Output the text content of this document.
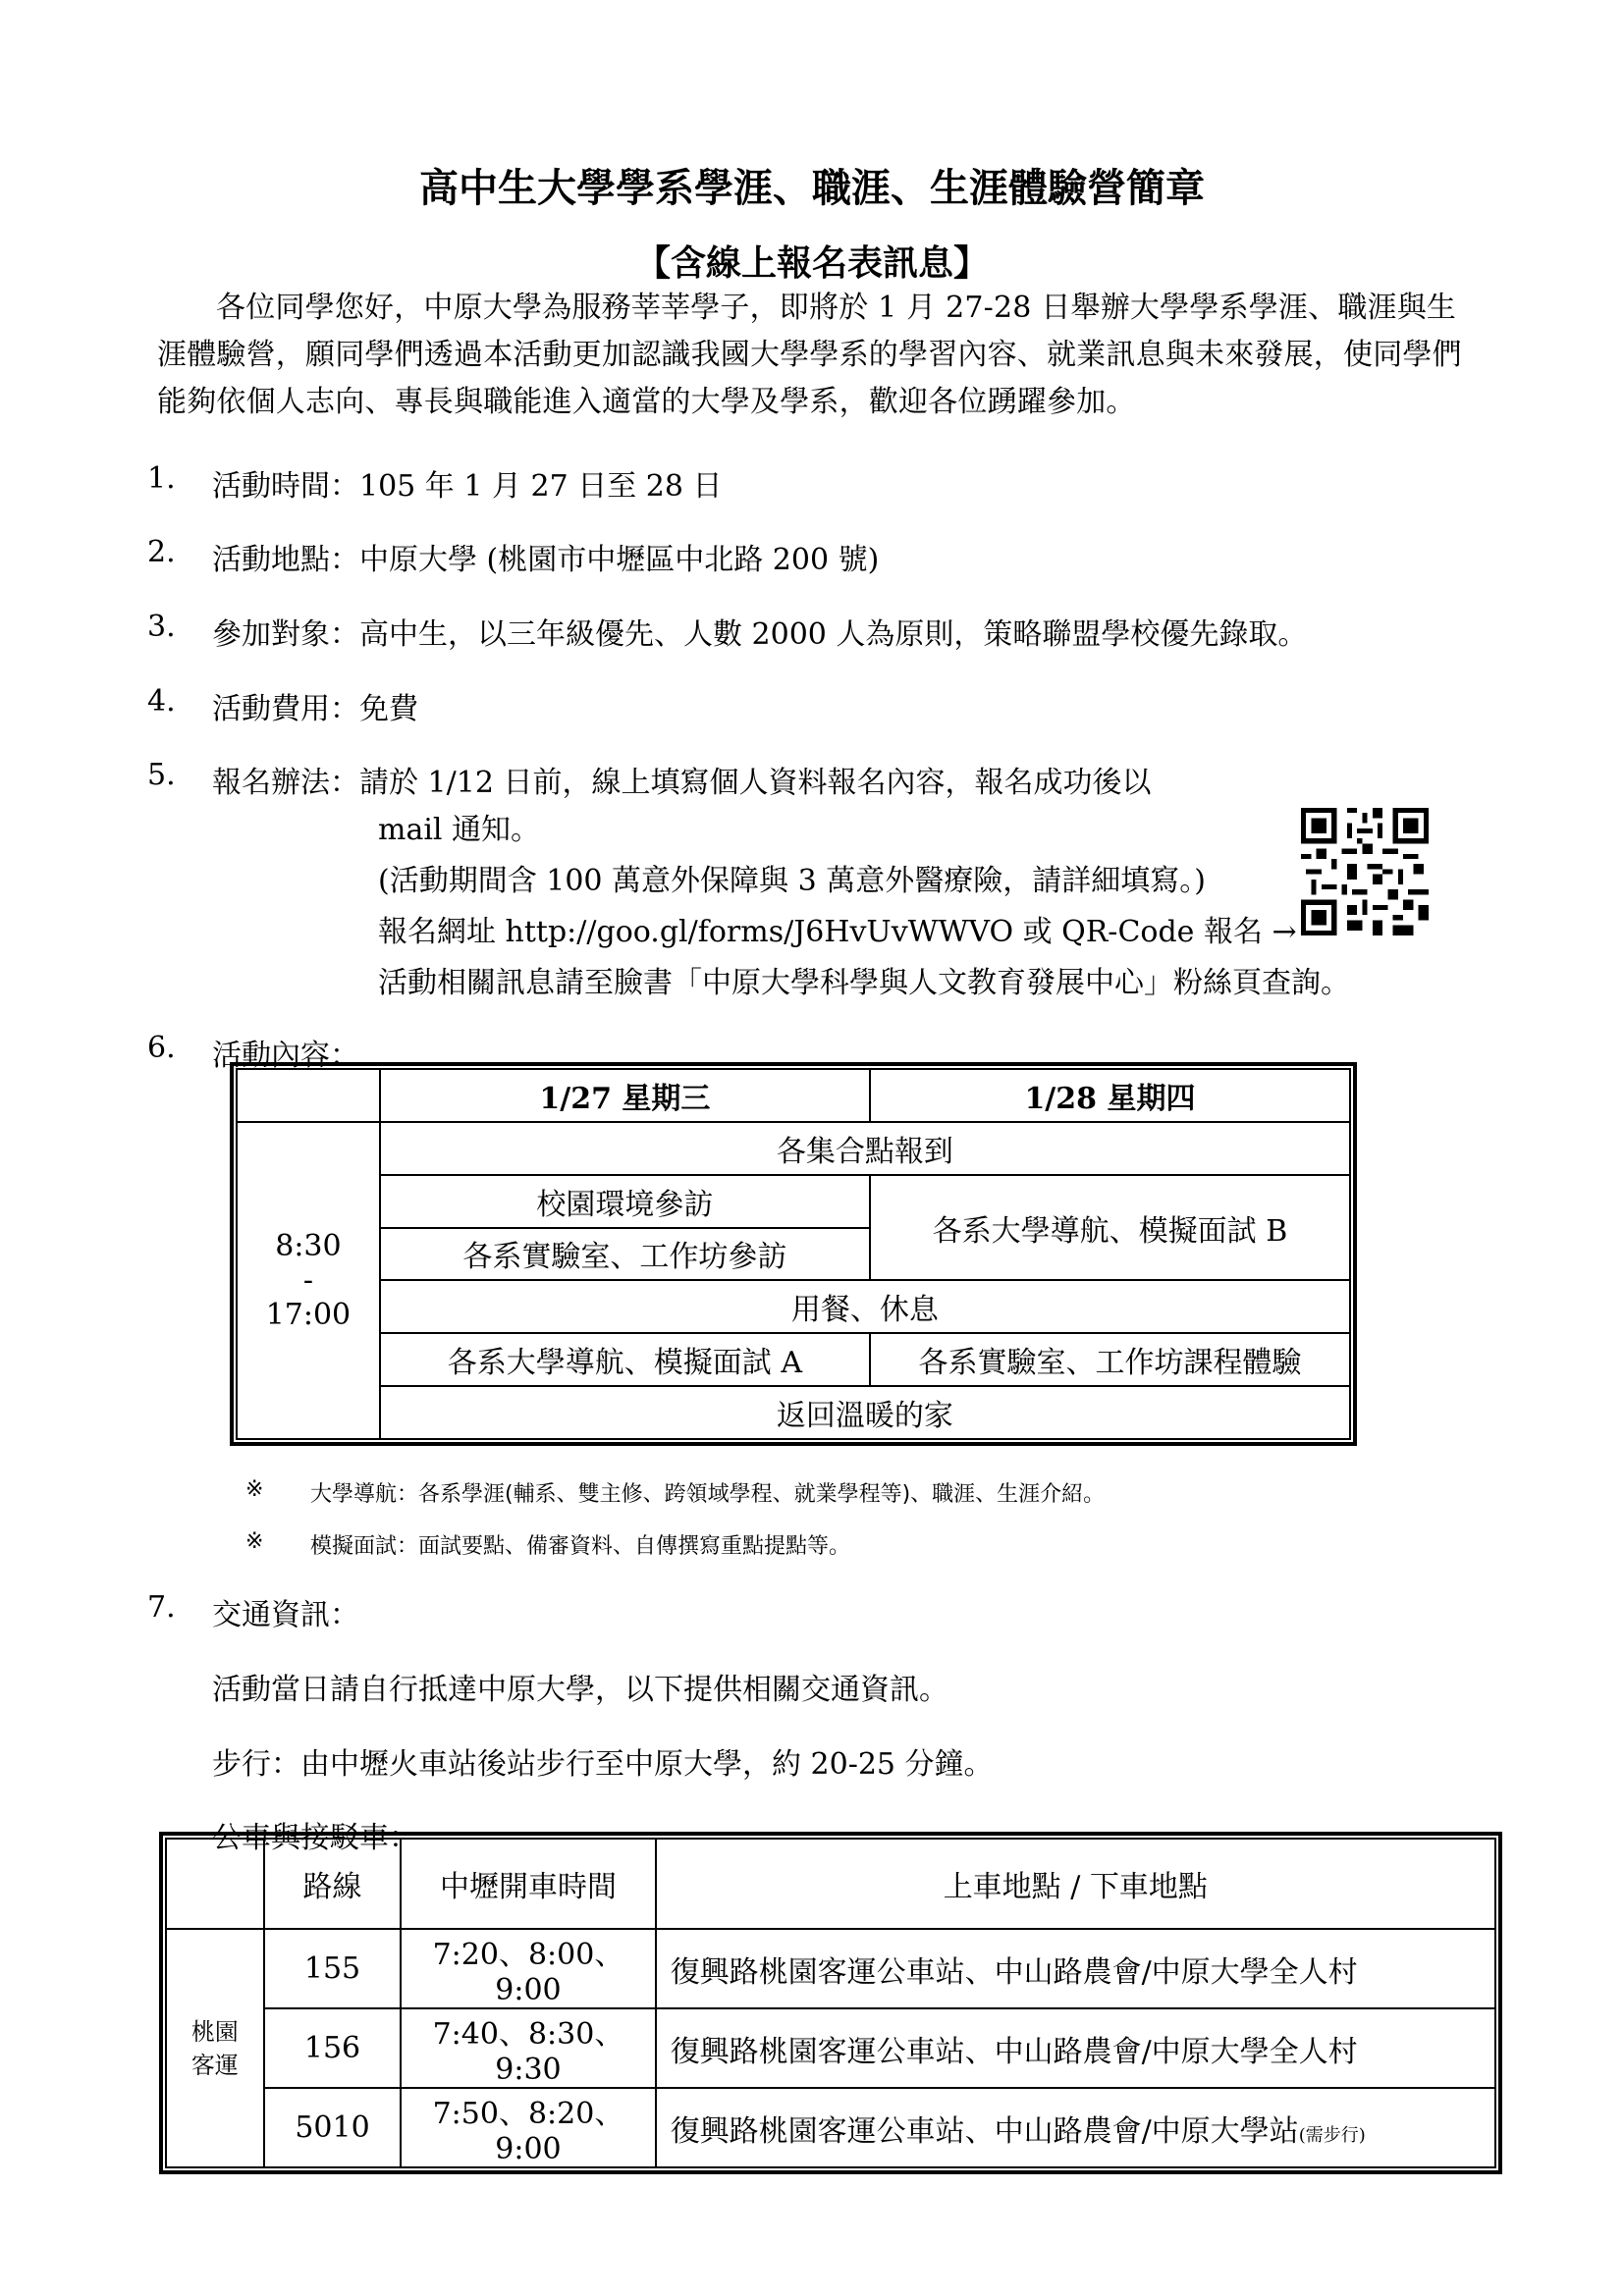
高中生大學學系學涯、職涯、生涯體驗營簡章
【含線上報名表訊息】
各位同學您好，中原大學為服務莘莘學子，即將於 1 月 27-28 日舉辦大學學系學涯、職涯與生涯體驗營，願同學們透過本活動更加認識我國大學學系的學習內容、就業訊息與未來發展，使同學們能夠依個人志向、專長與職能進入適當的大學及學系，歡迎各位踴躍參加。
1.	活動時間：105 年 1 月 27 日至 28 日
2.	活動地點：中原大學 (桃園市中壢區中北路 200 號)
3.	參加對象：高中生，以三年級優先、人數 2000 人為原則，策略聯盟學校優先錄取。
4.	活動費用：免費
5.	報名辦法：請於 1/12 日前，線上填寫個人資料報名內容，報名成功後以
mail 通知。
(活動期間含 100 萬意外保障與 3 萬意外醫療險，請詳細填寫。)
報名網址 http://goo.gl/forms/J6HvUvWWVO 或 QR-Code 報名 →
活動相關訊息請至臉書「中原大學科學與人文教育發展中心」粉絲頁查詢。
6.	活動內容：
	1/27 星期三	1/28 星期四

8:30
-
17:00	各集合點報到	
	校園環境參訪	各系大學導航、模擬面試 B
	各系實驗室、工作坊參訪	
	用餐、休息	
	各系大學導航、模擬面試 A	各系實驗室、工作坊課程體驗
	返回溫暖的家	
※ 大學導航：各系學涯(輔系、雙主修、跨領域學程、就業學程等)、職涯、生涯介紹。
※ 模擬面試：面試要點、備審資料、自傳撰寫重點提點等。
7.	交通資訊：
活動當日請自行抵達中原大學，以下提供相關交通資訊。
步行：由中壢火車站後站步行至中原大學，約 20-25 分鐘。
公車與接駁車：
	路線	中壢開車時間	上車地點 / 下車地點

桃園
客運	155	7:20、8:00、9:00	復興路桃園客運公車站、中山路農會/中原大學全人村
	156	7:40、8:30、9:30	復興路桃園客運公車站、中山路農會/中原大學全人村
	5010	7:50、8:20、9:00	復興路桃園客運公車站、中山路農會/中原大學站(需步行)
